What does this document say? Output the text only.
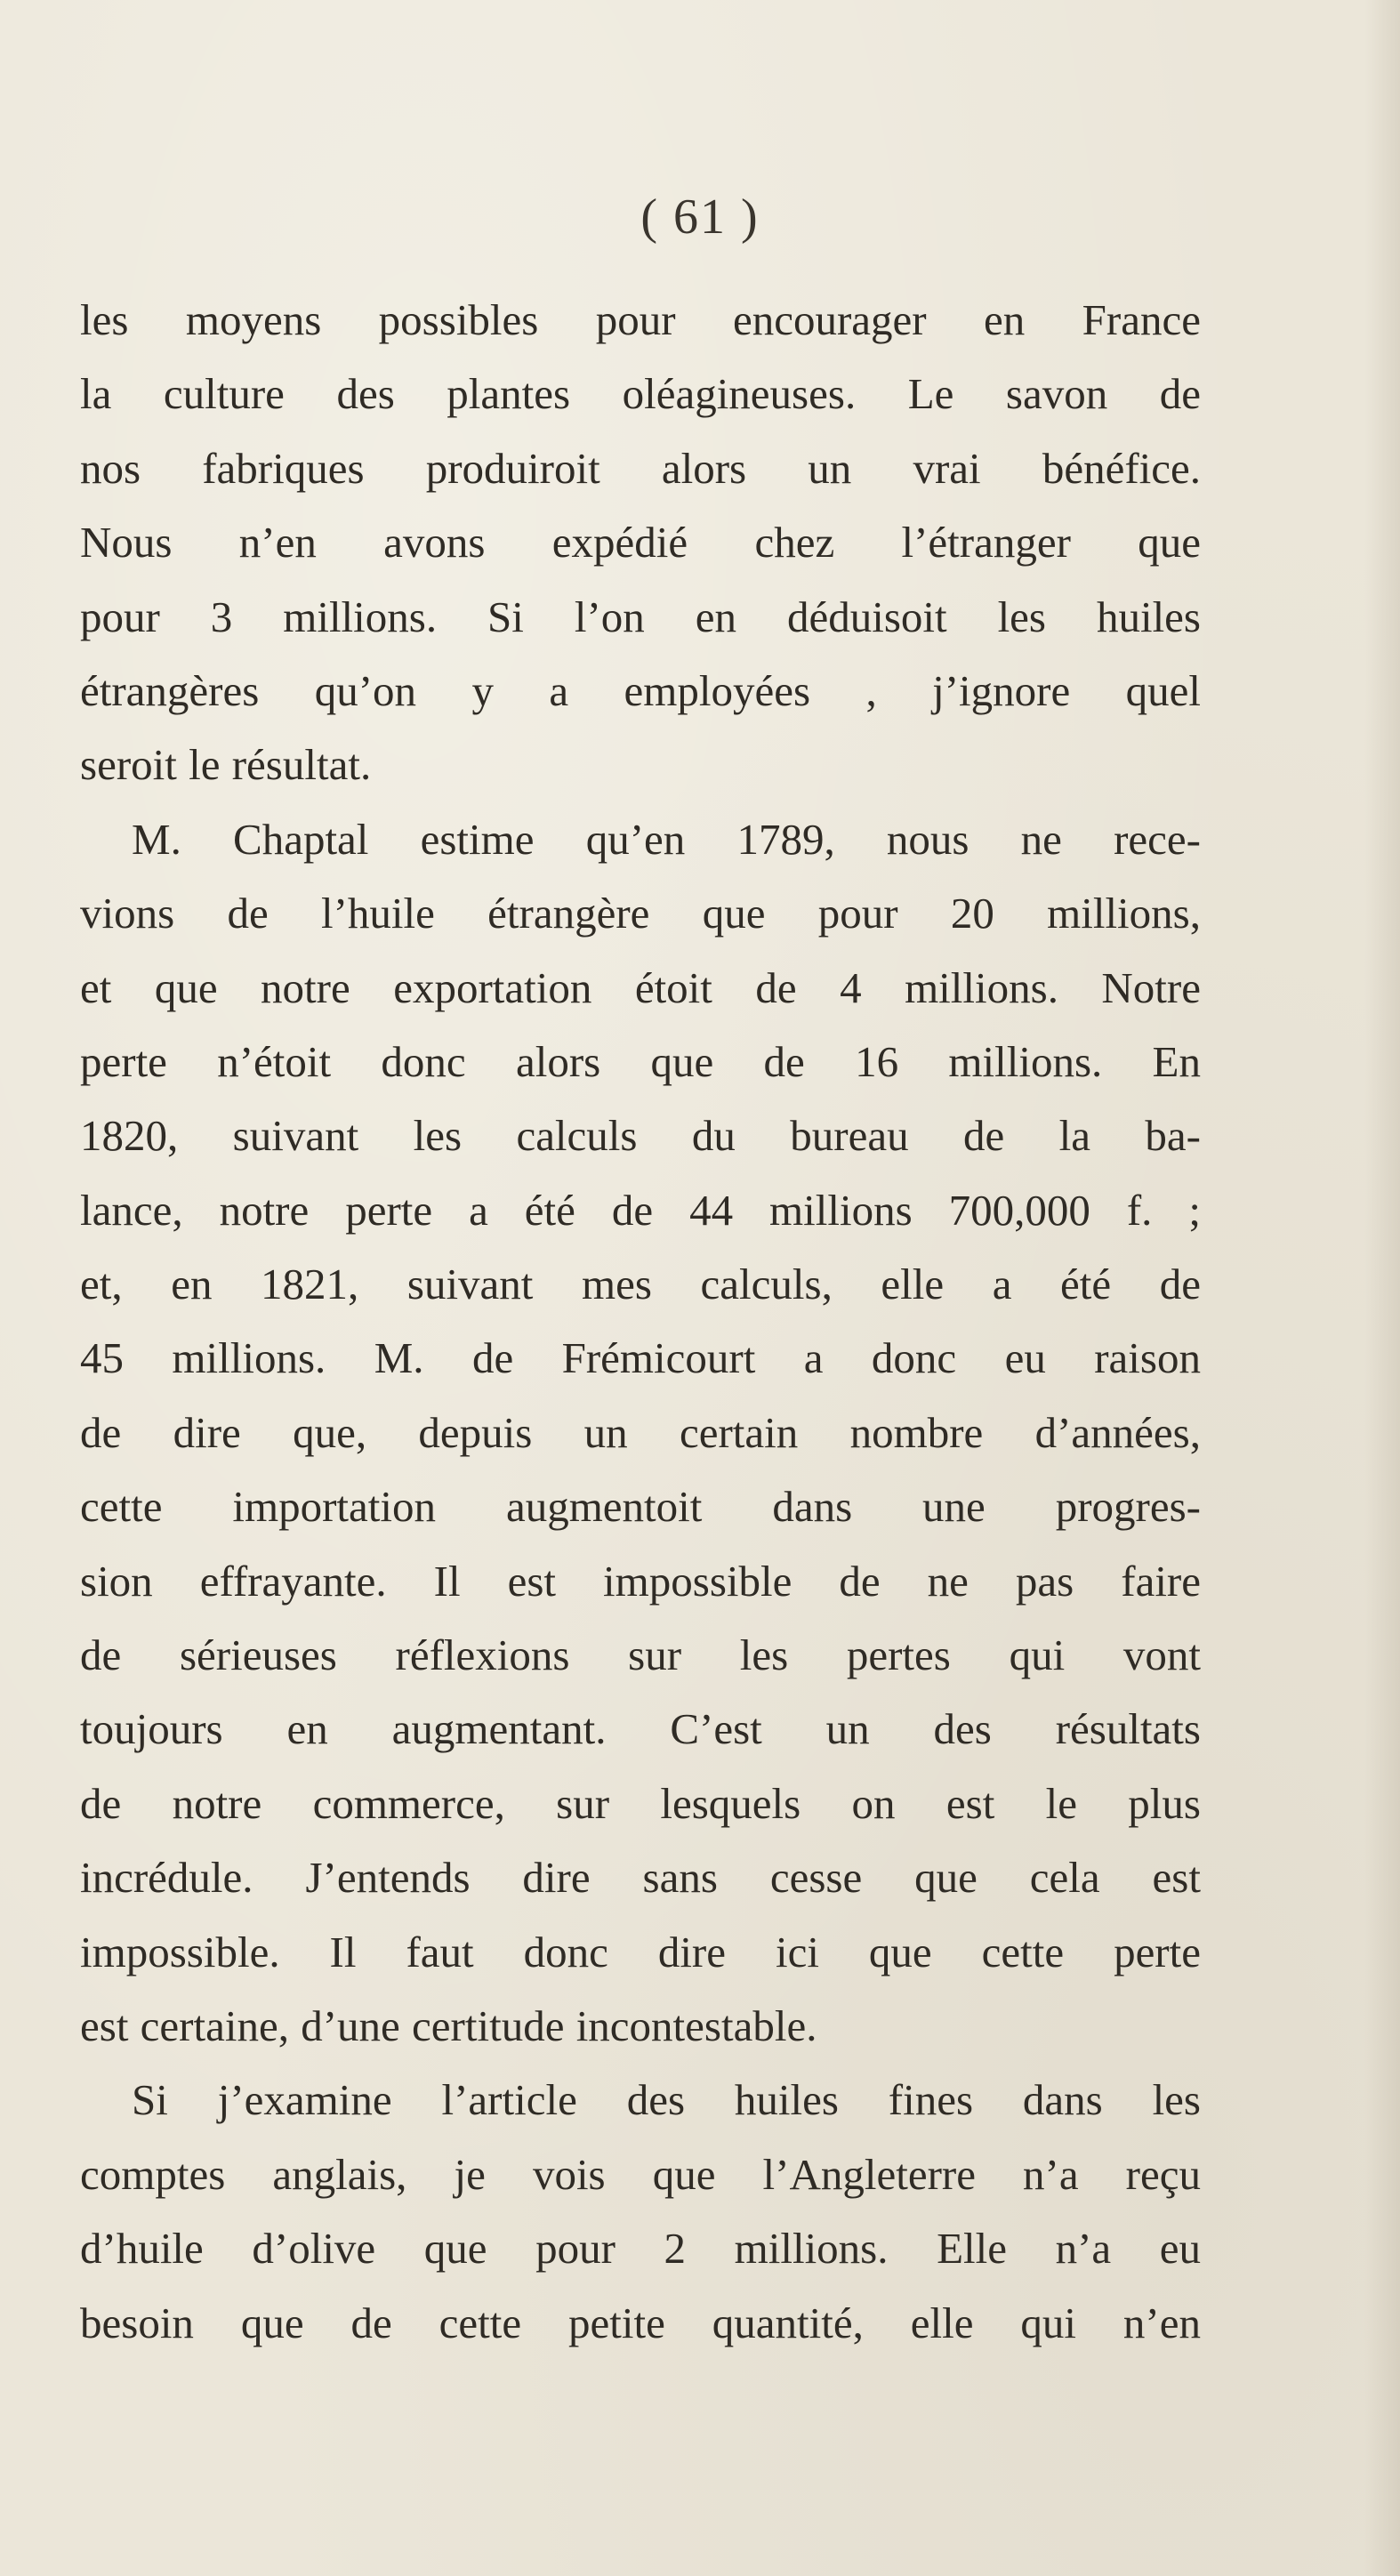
( 61 )

les moyens possibles pour encourager en France
la culture des plantes oléagineuses. Le savon de
nos fabriques produiroit alors un vrai bénéfice.
Nous n’en avons expédié chez l’étranger que
pour 3 millions. Si l’on en déduisoit les huiles
étrangères qu’on y a employées , j’ignore quel
seroit le résultat.

M. Chaptal estime qu’en 1789, nous ne rece-
vions de l’huile étrangère que pour 20 millions,
et que notre exportation étoit de 4 millions. Notre
perte n’étoit donc alors que de 16 millions. En
1820, suivant les calculs du bureau de la ba-
lance, notre perte a été de 44 millions 700,000 f. ;
et, en 1821, suivant mes calculs, elle a été de
45 millions. M. de Frémicourt a donc eu raison
de dire que, depuis un certain nombre d’années,
cette importation augmentoit dans une progres-
sion effrayante. Il est impossible de ne pas faire
de sérieuses réflexions sur les pertes qui vont
toujours en augmentant. C’est un des résultats
de notre commerce, sur lesquels on est le plus
incrédule. J’entends dire sans cesse que cela est
impossible. Il faut donc dire ici que cette perte
est certaine, d’une certitude incontestable.

Si j’examine l’article des huiles fines dans les
comptes anglais, je vois que l’Angleterre n’a reçu
d’huile d’olive que pour 2 millions. Elle n’a eu
besoin que de cette petite quantité, elle qui n’en
